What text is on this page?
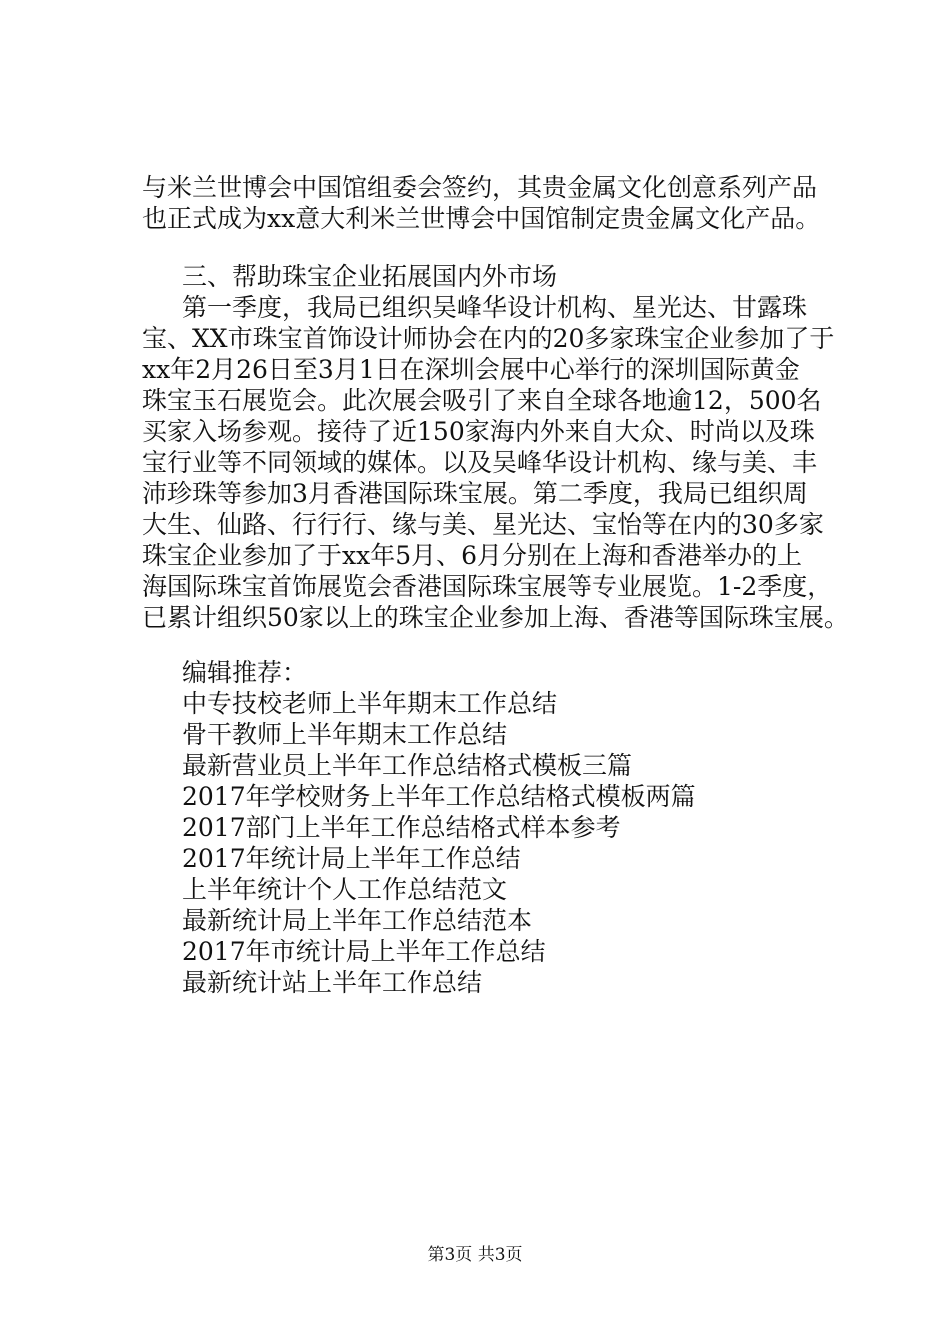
与米兰世博会中国馆组委会签约，其贵金属文化创意系列产品
也正式成为xx意大利米兰世博会中国馆制定贵金属文化产品。
三、帮助珠宝企业拓展国内外市场
第一季度，我局已组织吴峰华设计机构、星光达、甘露珠
宝、XX市珠宝首饰设计师协会在内的20多家珠宝企业参加了于
xx年2月26日至3月1日在深圳会展中心举行的深圳国际黄金
珠宝玉石展览会。此次展会吸引了来自全球各地逾12，500名
买家入场参观。接待了近150家海内外来自大众、时尚以及珠
宝行业等不同领域的媒体。以及吴峰华设计机构、缘与美、丰
沛珍珠等参加3月香港国际珠宝展。第二季度，我局已组织周
大生、仙路、行行行、缘与美、星光达、宝怡等在内的30多家
珠宝企业参加了于xx年5月、6月分别在上海和香港举办的上
海国际珠宝首饰展览会香港国际珠宝展等专业展览。1-2季度，
已累计组织50家以上的珠宝企业参加上海、香港等国际珠宝展。
编辑推荐：
中专技校老师上半年期末工作总结
骨干教师上半年期末工作总结
最新营业员上半年工作总结格式模板三篇
2017年学校财务上半年工作总结格式模板两篇
2017部门上半年工作总结格式样本参考
2017年统计局上半年工作总结
上半年统计个人工作总结范文
最新统计局上半年工作总结范本
2017年市统计局上半年工作总结
最新统计站上半年工作总结
第3页 共3页
